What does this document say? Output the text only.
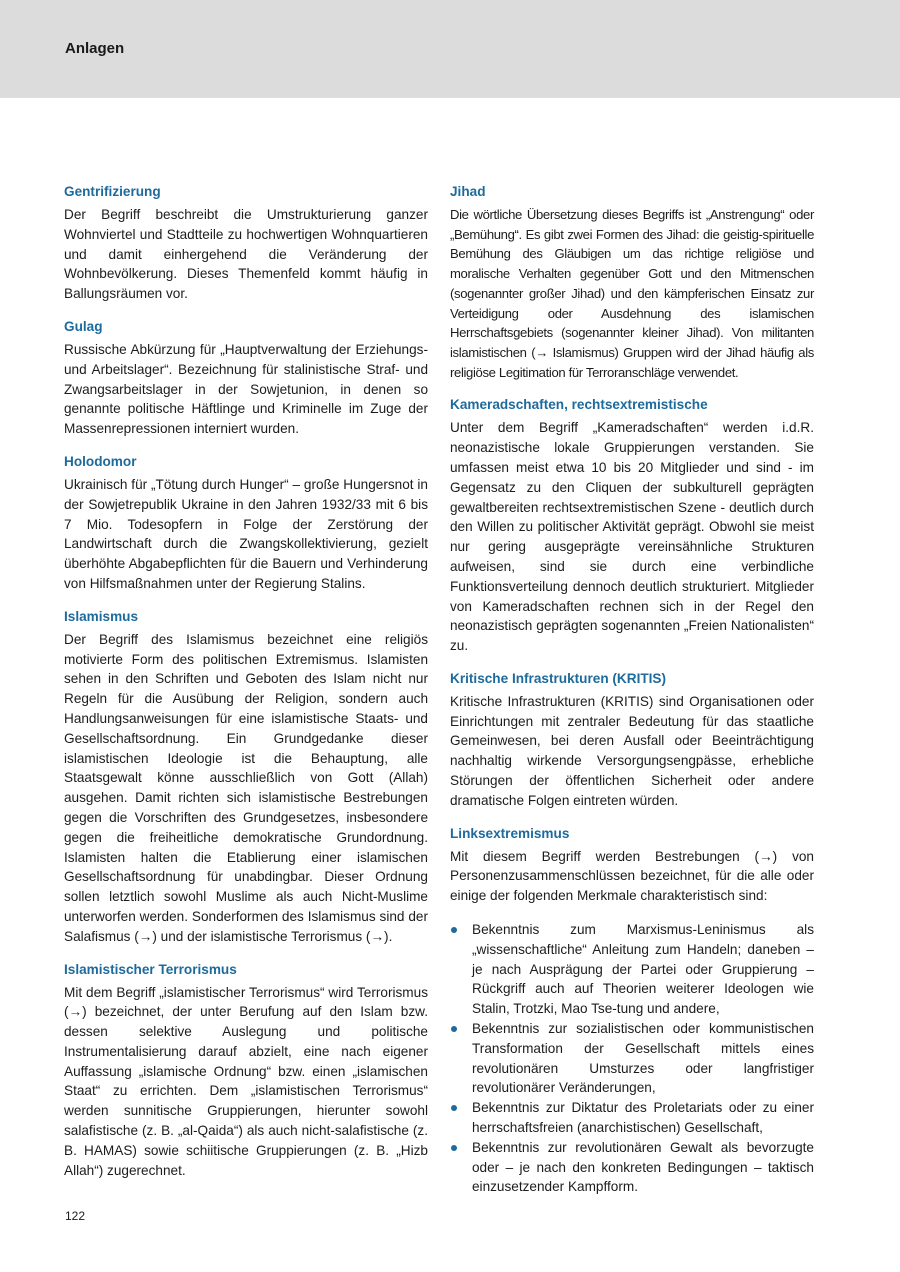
Anlagen

Gentrifizierung

Der Begriff beschreibt die Umstrukturierung ganzer Wohnviertel und Stadtteile zu hochwertigen Wohnquartieren und damit einhergehend die Veränderung der Wohnbevölkerung. Dieses Themenfeld kommt häufig in Ballungsräumen vor.

Gulag

Russische Abkürzung für „Hauptverwaltung der Erziehungs- und Arbeitslager“. Bezeichnung für stalinistische Straf- und Zwangsarbeitslager in der Sowjetunion, in denen so genannte politische Häftlinge und Kriminelle im Zuge der Massenrepressionen interniert wurden.

Holodomor

Ukrainisch für „Tötung durch Hunger“ – große Hungersnot in der Sowjetrepublik Ukraine in den Jahren 1932/33 mit 6 bis 7 Mio. Todesopfern in Folge der Zerstörung der Landwirtschaft durch die Zwangskollektivierung, gezielt überhöhte Abgabepflichten für die Bauern und Verhinderung von Hilfsmaßnahmen unter der Regierung Stalins.

Islamismus

Der Begriff des Islamismus bezeichnet eine religiös motivierte Form des politischen Extremismus. Islamisten sehen in den Schriften und Geboten des Islam nicht nur Regeln für die Ausübung der Religion, sondern auch Handlungsanweisungen für eine islamistische Staats- und Gesellschaftsordnung. Ein Grundgedanke dieser islamistischen Ideologie ist die Behauptung, alle Staatsgewalt könne ausschließlich von Gott (Allah) ausgehen. Damit richten sich islamistische Bestrebungen gegen die Vorschriften des Grundgesetzes, insbesondere gegen die freiheitliche demokratische Grundordnung. Islamisten halten die Etablierung einer islamischen Gesellschaftsordnung für unabdingbar. Dieser Ordnung sollen letztlich sowohl Muslime als auch Nicht-Muslime unterworfen werden. Sonderformen des Islamismus sind der Salafismus (→) und der islamistische Terrorismus (→).

Islamistischer Terrorismus

Mit dem Begriff „islamistischer Terrorismus“ wird Terrorismus (→) bezeichnet, der unter Berufung auf den Islam bzw. dessen selektive Auslegung und politische Instrumentalisierung darauf abzielt, eine nach eigener Auffassung „islamische Ordnung“ bzw. einen „islamischen Staat“ zu errichten. Dem „islamistischen Terrorismus“ werden sunnitische Gruppierungen, hierunter sowohl salafistische (z. B. „al-Qaida“) als auch nicht-salafistische (z. B. HAMAS) sowie schiitische Gruppierungen (z. B. „Hizb Allah“) zugerechnet.

Jihad

Die wörtliche Übersetzung dieses Begriffs ist „Anstrengung“ oder „Bemühung“. Es gibt zwei Formen des Jihad: die geistig-spirituelle Bemühung des Gläubigen um das richtige religiöse und moralische Verhalten gegenüber Gott und den Mitmenschen (sogenannter großer Jihad) und den kämpferischen Einsatz zur Verteidigung oder Ausdehnung des islamischen Herrschaftsgebiets (sogenannter kleiner Jihad). Von militanten islamistischen (→ Islamismus) Gruppen wird der Jihad häufig als religiöse Legitimation für Terroranschläge verwendet.

Kameradschaften, rechtsextremistische

Unter dem Begriff „Kameradschaften“ werden i.d.R. neonazistische lokale Gruppierungen verstanden. Sie umfassen meist etwa 10 bis 20 Mitglieder und sind - im Gegensatz zu den Cliquen der subkulturell geprägten gewaltbereiten rechtsextremistischen Szene - deutlich durch den Willen zu politischer Aktivität geprägt. Obwohl sie meist nur gering ausgeprägte vereinsähnliche Strukturen aufweisen, sind sie durch eine verbindliche Funktionsverteilung dennoch deutlich strukturiert. Mitglieder von Kameradschaften rechnen sich in der Regel den neonazistisch geprägten sogenannten „Freien Nationalisten“ zu.

Kritische Infrastrukturen (KRITIS)

Kritische Infrastrukturen (KRITIS) sind Organisationen oder Einrichtungen mit zentraler Bedeutung für das staatliche Gemeinwesen, bei deren Ausfall oder Beeinträchtigung nachhaltig wirkende Versorgungsengpässe, erhebliche Störungen der öffentlichen Sicherheit oder andere dramatische Folgen eintreten würden.

Linksextremismus

Mit diesem Begriff werden Bestrebungen (→) von Personenzusammenschlüssen bezeichnet, für die alle oder einige der folgenden Merkmale charakteristisch sind:

Bekenntnis zum Marxismus-Leninismus als „wissenschaftliche“ Anleitung zum Handeln; daneben – je nach Ausprägung der Partei oder Gruppierung –Rückgriff auch auf Theorien weiterer Ideologen wie Stalin, Trotzki, Mao Tse-tung und andere,
Bekenntnis zur sozialistischen oder kommunistischen Transformation der Gesellschaft mittels eines revolutionären Umsturzes oder langfristiger revolutionärer Veränderungen,
Bekenntnis zur Diktatur des Proletariats oder zu einer herrschaftsfreien (anarchistischen) Gesellschaft,
Bekenntnis zur revolutionären Gewalt als bevorzugte oder – je nach den konkreten Bedingungen – taktisch einzusetzender Kampfform.
122
